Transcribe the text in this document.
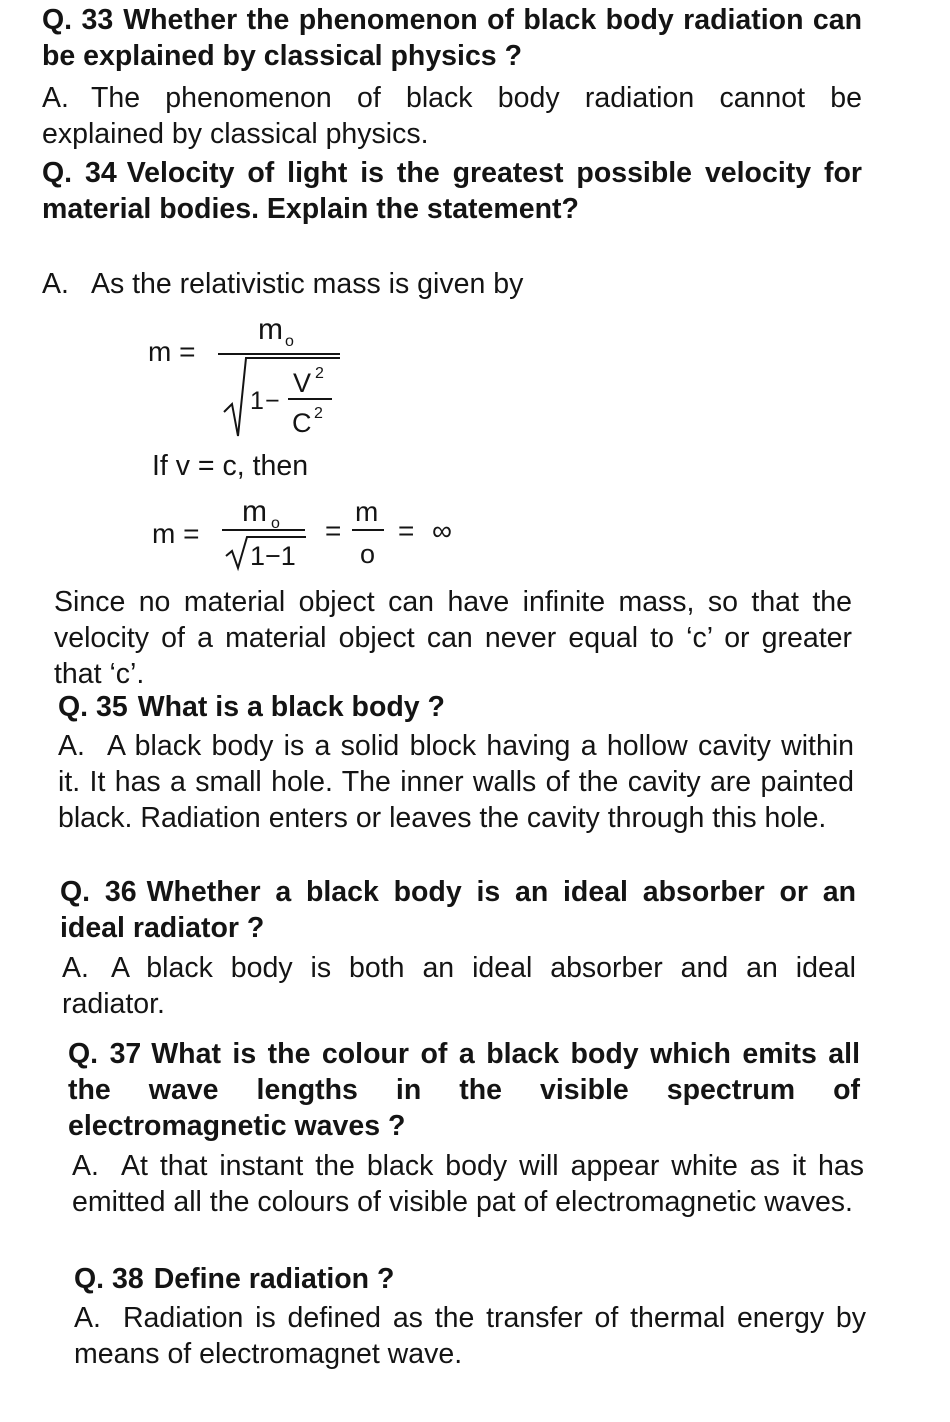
Q. 33 Whether the phenomenon of black body radiation can be explained by classical physics ?

A. The phenomenon of black body radiation cannot be explained by classical physics.

Q. 34 Velocity of light is the greatest possible velocity for material bodies. Explain the statement?

A. As the relativistic mass is given by

m =
m o
1 −
V 2
C 2
If v = c, then
m =
m o
1−1
=
m
o
= ∞

Since no material object can have infinite mass, so that the velocity of a material object can never equal to ‘c’ or greater that ‘c’.

Q. 35 What is a black body ?

A. A black body is a solid block having a hollow cavity within it. It has a small hole. The inner walls of the cavity are painted black. Radiation enters or leaves the cavity through this hole.

Q. 36 Whether a black body is an ideal absorber or an ideal radiator ?

A. A black body is both an ideal absorber and an ideal radiator.

Q. 37 What is the colour of a black body which emits all the wave lengths in the visible spectrum of electromagnetic waves ?

A. At that instant the black body will appear white as it has emitted all the colours of visible pat of electromagnetic waves.

Q. 38 Define radiation ?

A. Radiation is defined as the transfer of thermal energy by means of electromagnet wave.
